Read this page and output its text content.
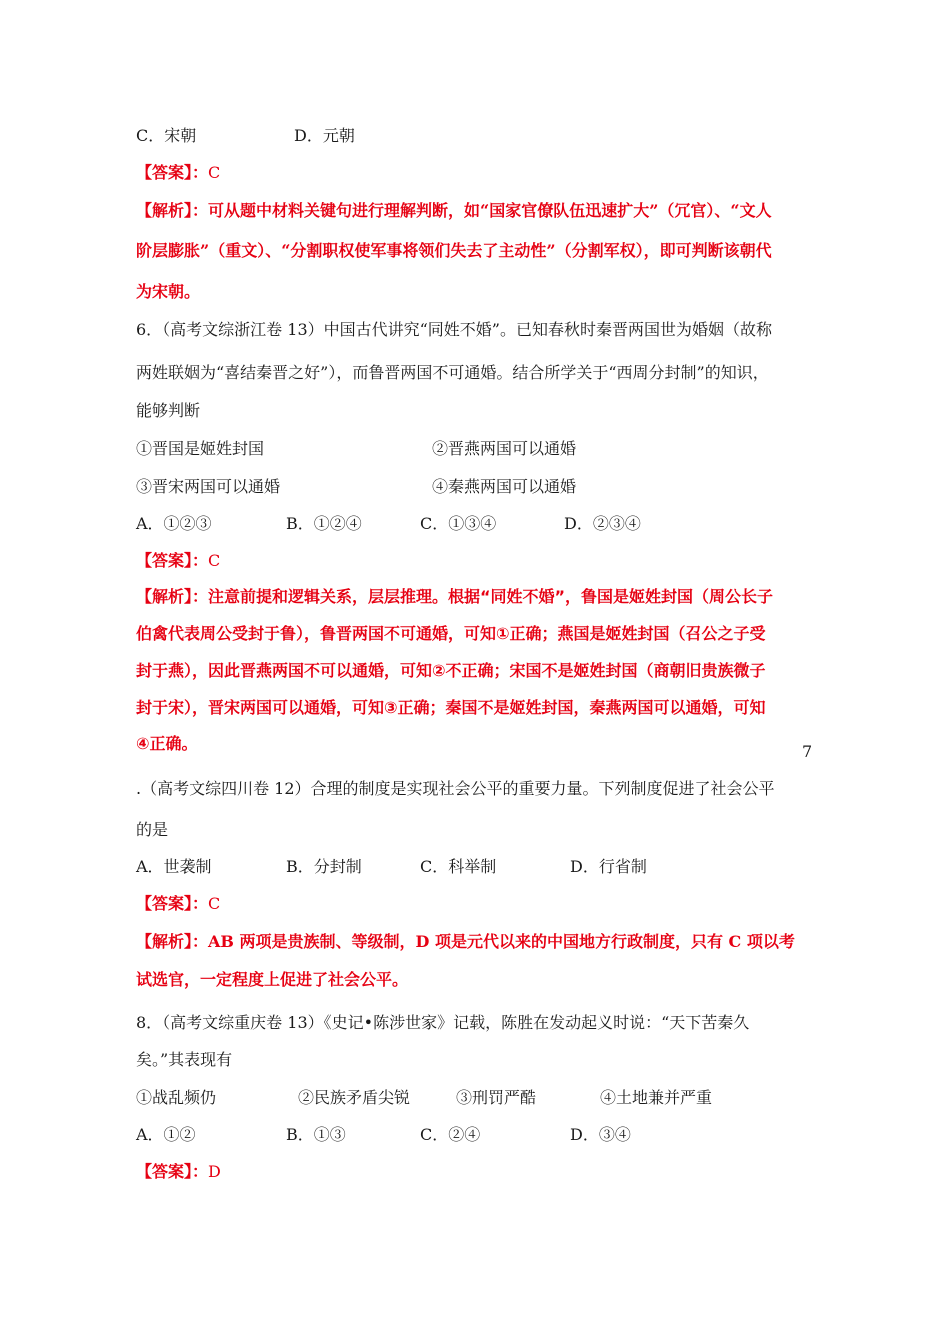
C．宋朝	D．元朝
【答案】：C
【解析】：可从题中材料关键句进行理解判断，如“国家官僚队伍迅速扩大”（冗官）、“文人
阶层膨胀”（重文）、“分割职权使军事将领们失去了主动性”（分割军权），即可判断该朝代
为宋朝。
6．（高考文综浙江卷 13）中国古代讲究“同姓不婚”。已知春秋时秦晋两国世为婚姻（故称
两姓联姻为“喜结秦晋之好”），而鲁晋两国不可通婚。结合所学关于“西周分封制”的知识，
能够判断
①晋国是姬姓封国	②晋燕两国可以通婚
③晋宋两国可以通婚	④秦燕两国可以通婚
A．①②③	B．①②④	C．①③④	D．②③④
【答案】：C
【解析】：注意前提和逻辑关系，层层推理。根据“同姓不婚”，鲁国是姬姓封国（周公长子
伯禽代表周公受封于鲁），鲁晋两国不可通婚，可知①正确；燕国是姬姓封国（召公之子受
封于燕），因此晋燕两国不可以通婚，可知②不正确；宋国不是姬姓封国（商朝旧贵族微子
封于宋），晋宋两国可以通婚，可知③正确；秦国不是姬姓封国，秦燕两国可以通婚，可知
④正确。	7
.（高考文综四川卷 12）合理的制度是实现社会公平的重要力量。下列制度促进了社会公平
的是
A．世袭制	B．分封制	C．科举制	D．行省制
【答案】：C
【解析】：AB 两项是贵族制、等级制，D 项是元代以来的中国地方行政制度，只有 C 项以考
试选官，一定程度上促进了社会公平。
8．（高考文综重庆卷 13）《史记•陈涉世家》记载，陈胜在发动起义时说：“天下苦秦久
矣。”其表现有
①战乱频仍	②民族矛盾尖锐	③刑罚严酷	④土地兼并严重
A．①②	B．①③	C．②④	D．③④
【答案】：D
